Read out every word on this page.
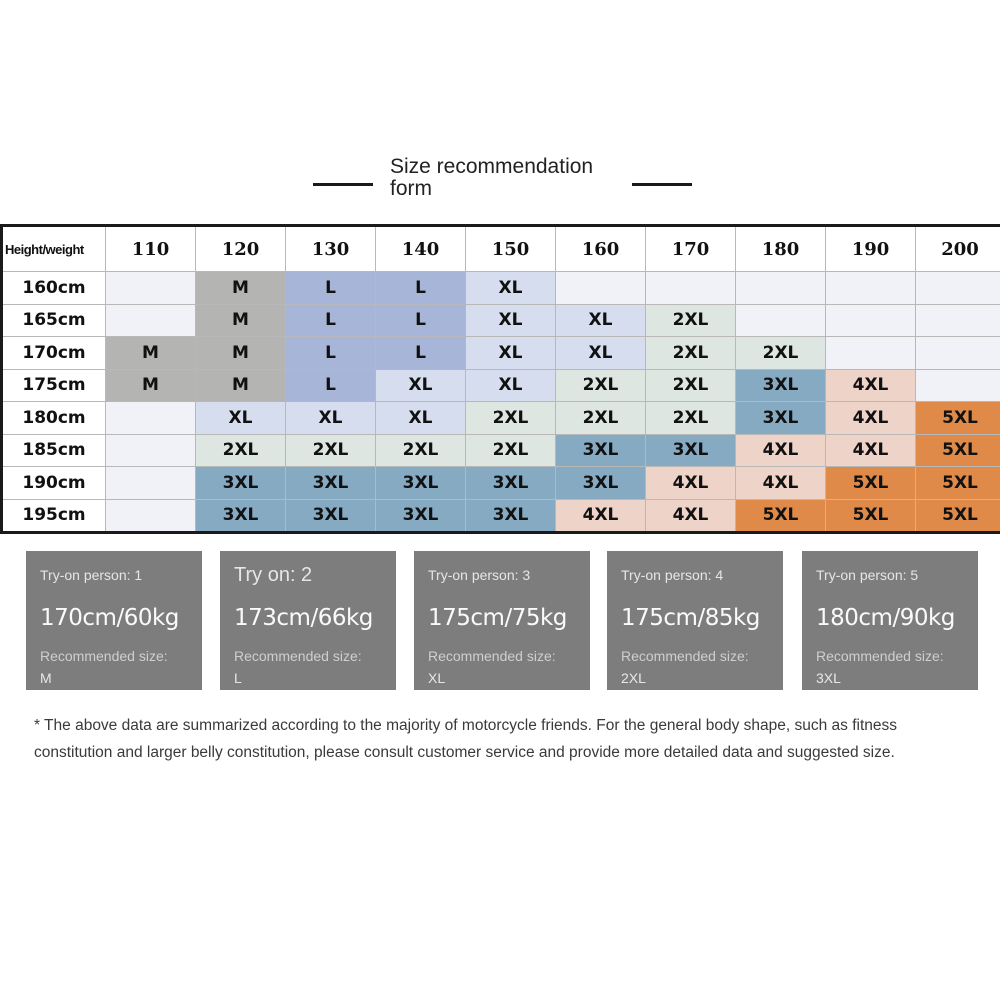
Size recommendation form
Height/weight	110	120	130	140	150	160	170	180	190	200
160cm		M	L	L	XL					
165cm		M	L	L	XL	XL	2XL			
170cm	M	M	L	L	XL	XL	2XL	2XL		
175cm	M	M	L	XL	XL	2XL	2XL	3XL	4XL	
180cm		XL	XL	XL	2XL	2XL	2XL	3XL	4XL	5XL
185cm		2XL	2XL	2XL	2XL	3XL	3XL	4XL	4XL	5XL
190cm		3XL	3XL	3XL	3XL	3XL	4XL	4XL	5XL	5XL
195cm		3XL	3XL	3XL	3XL	4XL	4XL	5XL	5XL	5XL
Try-on person: 1
170cm/60kg
Recommended size:
M
Try on: 2
173cm/66kg
Recommended size:
L
Try-on person: 3
175cm/75kg
Recommended size:
XL
Try-on person: 4
175cm/85kg
Recommended size:
2XL
Try-on person: 5
180cm/90kg
Recommended size:
3XL
* The above data are summarized according to the majority of motorcycle friends. For the general body shape, such as fitness constitution and larger belly constitution, please consult customer service and provide more detailed data and suggested size.
